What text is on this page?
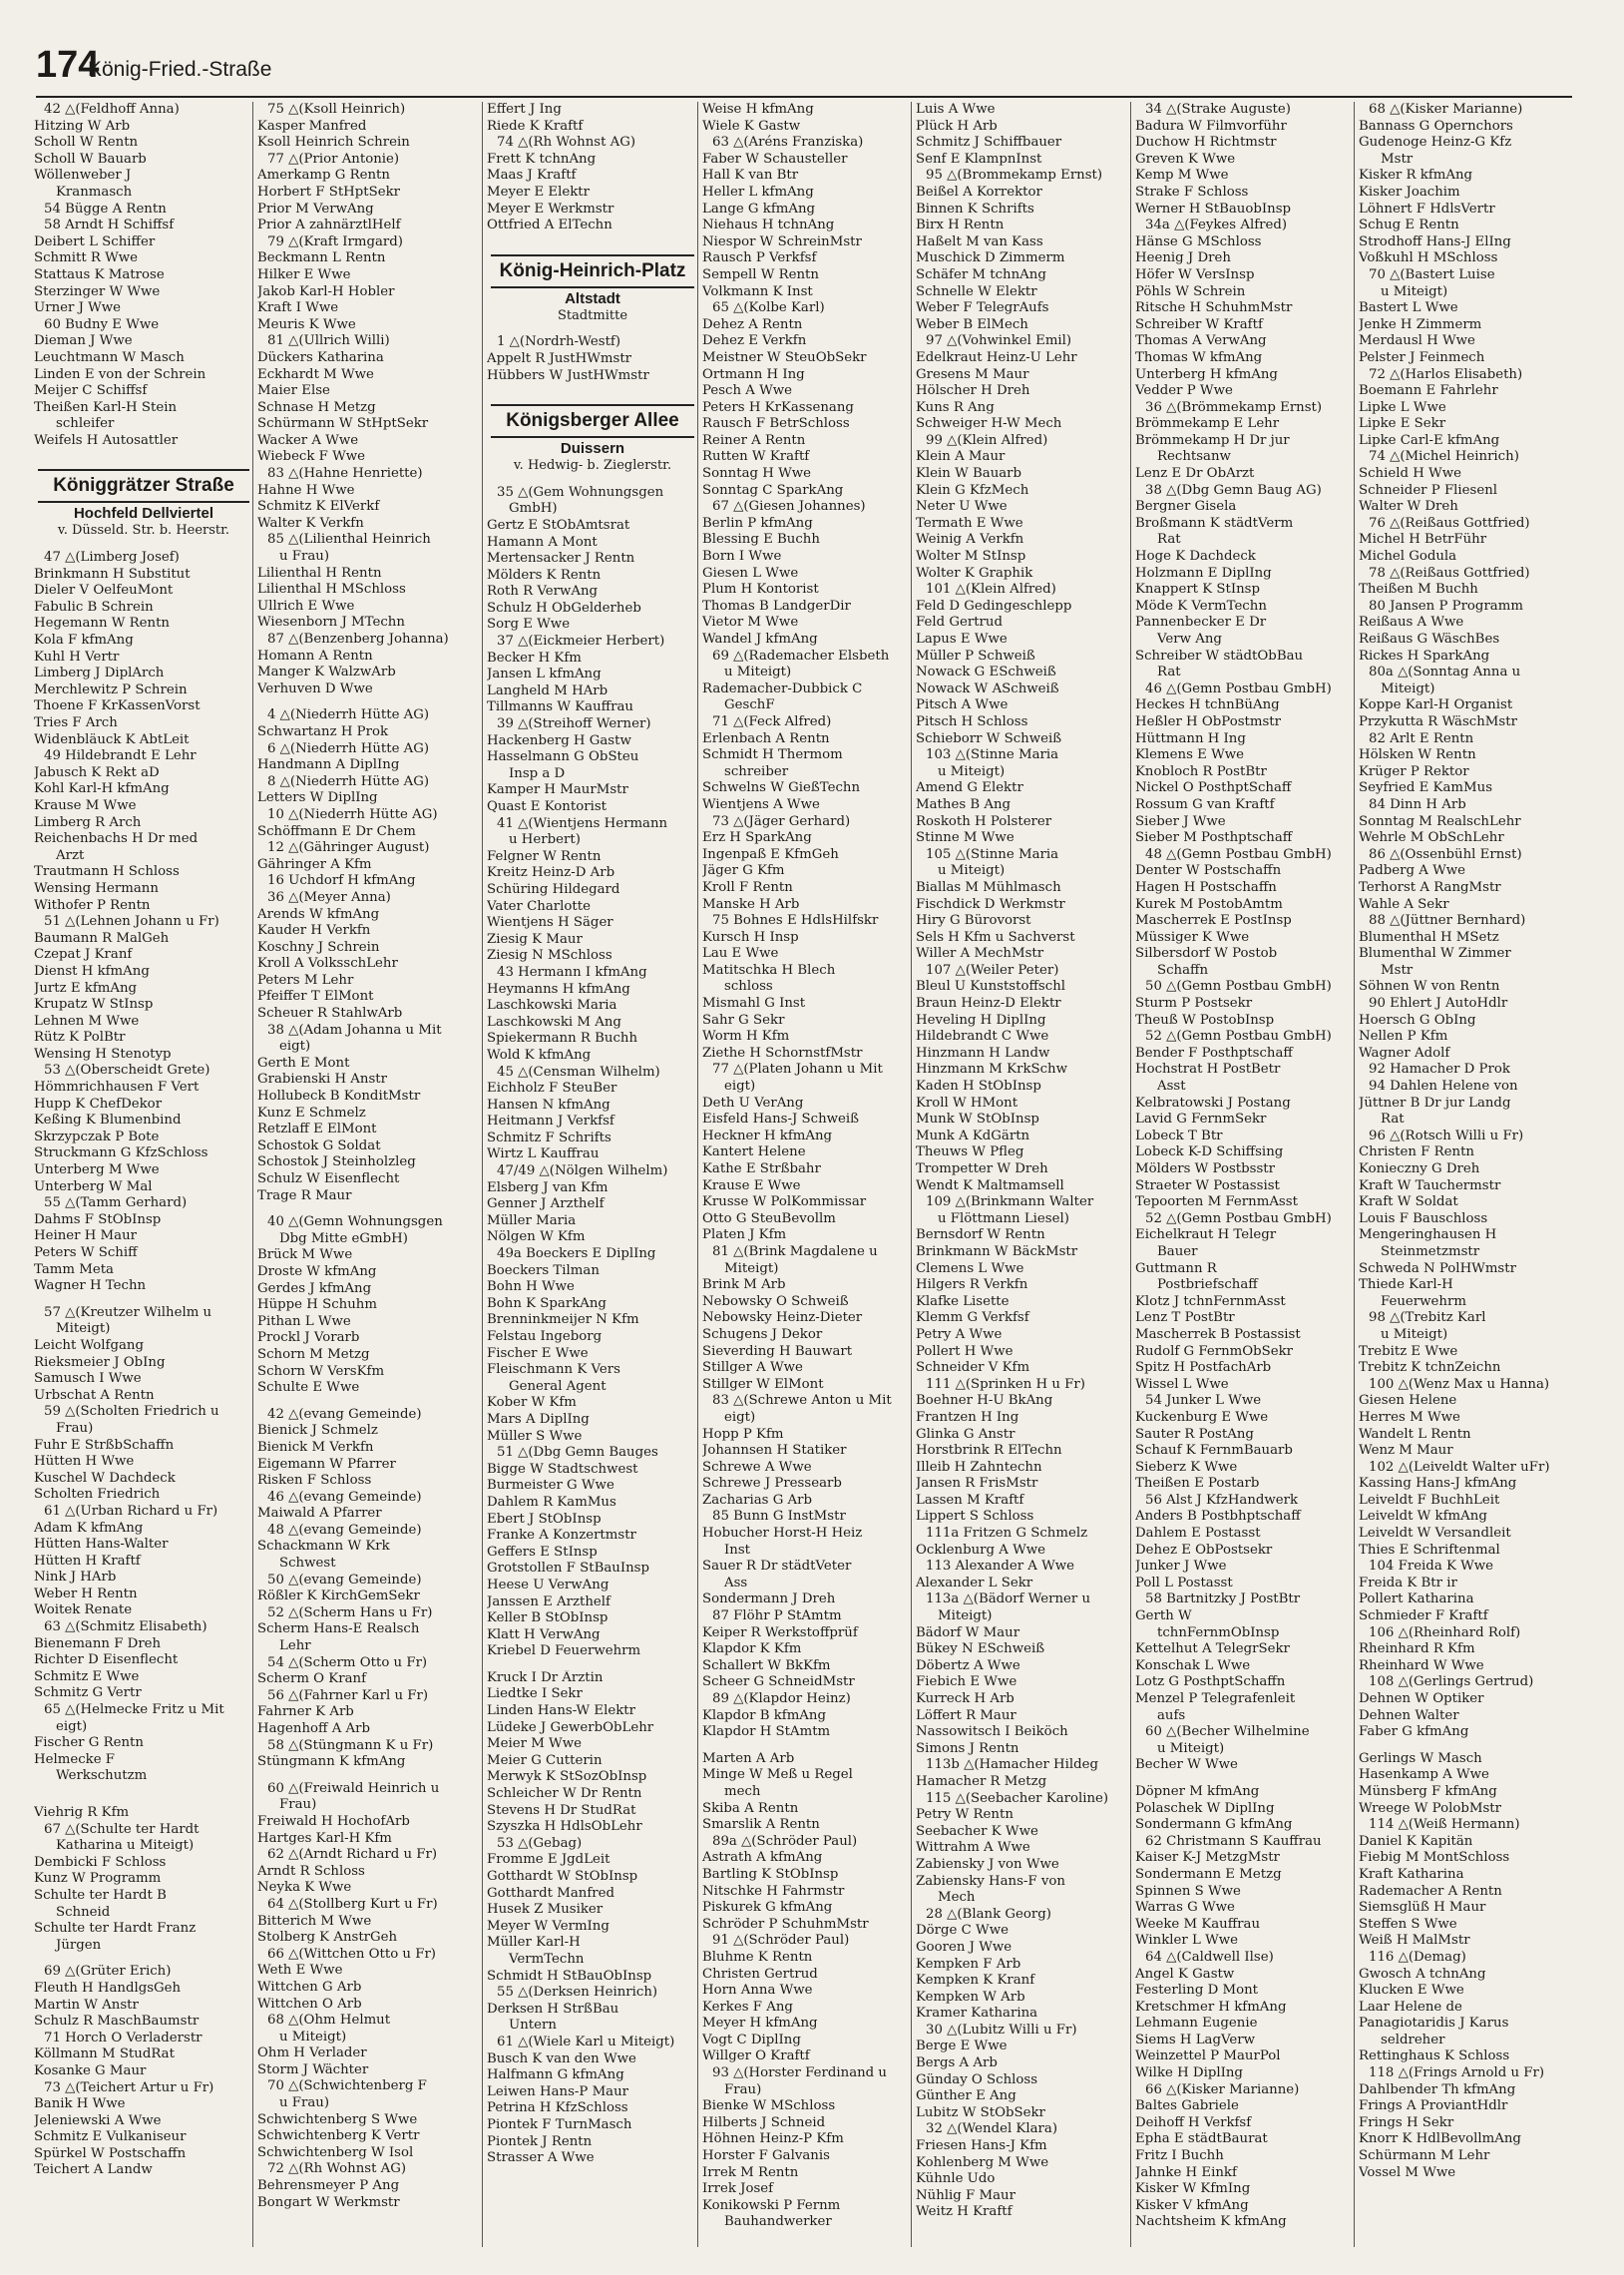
174
König-Fried.-Straße
42 △(Feldhoff Anna)
Hitzing W Arb
Scholl W Rentn
Scholl W Bauarb
Wöllenweber J
Kranmasch
54 Bügge A Rentn
58 Arndt H Schiffsf
Deibert L Schiffer
Schmitt R Wwe
Stattaus K Matrose
Sterzinger W Wwe
Urner J Wwe
60 Budny E Wwe
Dieman J Wwe
Leuchtmann W Masch
Linden E von der Schrein
Meijer C Schiffsf
Theißen Karl-H Stein
schleifer
Weifels H Autosattler
Königgrätzer Straße
Hochfeld Dellviertel
v. Düsseld. Str. b. Heerstr.
47 △(Limberg Josef)
Brinkmann H Substitut
Dieler V OelfeuMont
Fabulic B Schrein
Hegemann W Rentn
Kola F kfmAng
Kuhl H Vertr
Limberg J DiplArch
Merchlewitz P Schrein
Thoene F KrKassenVorst
Tries F Arch
Widenbläuck K AbtLeit
49 Hildebrandt E Lehr
Jabusch K Rekt aD
Kohl Karl-H kfmAng
Krause M Wwe
Limberg R Arch
Reichenbachs H Dr med
Arzt
Trautmann H Schloss
Wensing Hermann
Withofer P Rentn
51 △(Lehnen Johann u Fr)
Baumann R MalGeh
Czepat J Kranf
Dienst H kfmAng
Jurtz E kfmAng
Krupatz W StInsp
Lehnen M Wwe
Rütz K PolBtr
Wensing H Stenotyp
53 △(Oberscheidt Grete)
Hömmrichhausen F Vert
Hupp K ChefDekor
Keßing K Blumenbind
Skrzypczak P Bote
Struckmann G KfzSchloss
Unterberg M Wwe
Unterberg W Mal
55 △(Tamm Gerhard)
Dahms F StObInsp
Heiner H Maur
Peters W Schiff
Tamm Meta
Wagner H Techn
57 △(Kreutzer Wilhelm u
Miteigt)
Leicht Wolfgang
Rieksmeier J ObIng
Samusch I Wwe
Urbschat A Rentn
59 △(Scholten Friedrich u
Frau)
Fuhr E StrßbSchaffn
Hütten H Wwe
Kuschel W Dachdeck
Scholten Friedrich
61 △(Urban Richard u Fr)
Adam K kfmAng
Hütten Hans-Walter
Hütten H Kraftf
Nink J HArb
Weber H Rentn
Woitek Renate
63 △(Schmitz Elisabeth)
Bienemann F Dreh
Richter D Eisenflecht
Schmitz E Wwe
Schmitz G Vertr
65 △(Helmecke Fritz u Mit
eigt)
Fischer G Rentn
Helmecke F
Werkschutzm
Viehrig R Kfm
67 △(Schulte ter Hardt
Katharina u Miteigt)
Dembicki F Schloss
Kunz W Programm
Schulte ter Hardt B
Schneid
Schulte ter Hardt Franz
Jürgen
69 △(Grüter Erich)
Fleuth H HandlgsGeh
Martin W Anstr
Schulz R MaschBaumstr
71 Horch O Verladerstr
Köllmann M StudRat
Kosanke G Maur
73 △(Teichert Artur u Fr)
Banik H Wwe
Jeleniewski A Wwe
Schmitz E Vulkaniseur
Spürkel W Postschaffn
Teichert A Landw
75 △(Ksoll Heinrich)
Kasper Manfred
Ksoll Heinrich Schrein
77 △(Prior Antonie)
Amerkamp G Rentn
Horbert F StHptSekr
Prior M VerwAng
Prior A zahnärztlHelf
79 △(Kraft Irmgard)
Beckmann L Rentn
Hilker E Wwe
Jakob Karl-H Hobler
Kraft I Wwe
Meuris K Wwe
81 △(Ullrich Willi)
Dückers Katharina
Eckhardt M Wwe
Maier Else
Schnase H Metzg
Schürmann W StHptSekr
Wacker A Wwe
Wiebeck F Wwe
83 △(Hahne Henriette)
Hahne H Wwe
Schmitz K ElVerkf
Walter K Verkfn
85 △(Lilienthal Heinrich
u Frau)
Lilienthal H Rentn
Lilienthal H MSchloss
Ullrich E Wwe
Wiesenborn J MTechn
87 △(Benzenberg Johanna)
Homann A Rentn
Manger K WalzwArb
Verhuven D Wwe
4 △(Niederrh Hütte AG)
Schwartanz H Prok
6 △(Niederrh Hütte AG)
Handmann A DiplIng
8 △(Niederrh Hütte AG)
Letters W DiplIng
10 △(Niederrh Hütte AG)
Schöffmann E Dr Chem
12 △(Gähringer August)
Gähringer A Kfm
16 Uchdorf H kfmAng
36 △(Meyer Anna)
Arends W kfmAng
Kauder H Verkfn
Koschny J Schrein
Kroll A VolksschLehr
Peters M Lehr
Pfeiffer T ElMont
Scheuer R StahlwArb
38 △(Adam Johanna u Mit
eigt)
Gerth E Mont
Grabienski H Anstr
Hollubeck B KonditMstr
Kunz E Schmelz
Retzlaff E ElMont
Schostok G Soldat
Schostok J Steinholzleg
Schulz W Eisenflecht
Trage R Maur
40 △(Gemn Wohnungsgen
Dbg Mitte eGmbH)
Brück M Wwe
Droste W kfmAng
Gerdes J kfmAng
Hüppe H Schuhm
Pithan L Wwe
Prockl J Vorarb
Schorn M Metzg
Schorn W VersKfm
Schulte E Wwe
42 △(evang Gemeinde)
Bienick J Schmelz
Bienick M Verkfn
Eigemann W Pfarrer
Risken F Schloss
46 △(evang Gemeinde)
Maiwald A Pfarrer
48 △(evang Gemeinde)
Schackmann W Krk
Schwest
50 △(evang Gemeinde)
Rößler K KirchGemSekr
52 △(Scherm Hans u Fr)
Scherm Hans-E Realsch
Lehr
54 △(Scherm Otto u Fr)
Scherm O Kranf
56 △(Fahrner Karl u Fr)
Fahrner K Arb
Hagenhoff A Arb
58 △(Stüngmann K u Fr)
Stüngmann K kfmAng
60 △(Freiwald Heinrich u
Frau)
Freiwald H HochofArb
Hartges Karl-H Kfm
62 △(Arndt Richard u Fr)
Arndt R Schloss
Neyka K Wwe
64 △(Stollberg Kurt u Fr)
Bitterich M Wwe
Stolberg K AnstrGeh
66 △(Wittchen Otto u Fr)
Weth E Wwe
Wittchen G Arb
Wittchen O Arb
68 △(Ohm Helmut
u Miteigt)
Ohm H Verlader
Storm J Wächter
70 △(Schwichtenberg F
u Frau)
Schwichtenberg S Wwe
Schwichtenberg K Vertr
Schwichtenberg W Isol
72 △(Rh Wohnst AG)
Behrensmeyer P Ang
Bongart W Werkmstr
Effert J Ing
Riede K Kraftf
74 △(Rh Wohnst AG)
Frett K tchnAng
Maas J Kraftf
Meyer E Elektr
Meyer E Werkmstr
Ottfried A ElTechn
König-Heinrich-Platz
Altstadt
Stadtmitte
1 △(Nordrh-Westf)
Appelt R JustHWmstr
Hübbers W JustHWmstr
Königsberger Allee
Duissern
v. Hedwig- b. Zieglerstr.
35 △(Gem Wohnungsgen
GmbH)
Gertz E StObAmtsrat
Hamann A Mont
Mertensacker J Rentn
Mölders K Rentn
Roth R VerwAng
Schulz H ObGelderheb
Sorg E Wwe
37 △(Eickmeier Herbert)
Becker H Kfm
Jansen L kfmAng
Langheld M HArb
Tillmanns W Kauffrau
39 △(Streihoff Werner)
Hackenberg H Gastw
Hasselmann G ObSteu
Insp a D
Kamper H MaurMstr
Quast E Kontorist
41 △(Wientjens Hermann
u Herbert)
Felgner W Rentn
Kreitz Heinz-D Arb
Schüring Hildegard
Vater Charlotte
Wientjens H Säger
Ziesig K Maur
Ziesig N MSchloss
43 Hermann I kfmAng
Heymanns H kfmAng
Laschkowski Maria
Laschkowski M Ang
Spiekermann R Buchh
Wold K kfmAng
45 △(Censman Wilhelm)
Eichholz F SteuBer
Hansen N kfmAng
Heitmann J Verkfsf
Schmitz F Schrifts
Wirtz L Kauffrau
47/49 △(Nölgen Wilhelm)
Elsberg J van Kfm
Genner J Arzthelf
Müller Maria
Nölgen W Kfm
49a Boeckers E DiplIng
Boeckers Tilman
Bohn H Wwe
Bohn K SparkAng
Brenninkmeijer N Kfm
Felstau Ingeborg
Fischer E Wwe
Fleischmann K Vers
General Agent
Kober W Kfm
Mars A DiplIng
Müller S Wwe
51 △(Dbg Gemn Bauges
Bigge W Stadtschwest
Burmeister G Wwe
Dahlem R KamMus
Ebert J StObInsp
Franke A Konzertmstr
Geffers E StInsp
Grotstollen F StBauInsp
Heese U VerwAng
Janssen E Arzthelf
Keller B StObInsp
Klatt H VerwAng
Kriebel D Feuerwehrm
Kruck I Dr Ärztin
Liedtke I Sekr
Linden Hans-W Elektr
Lüdeke J GewerbObLehr
Meier M Wwe
Meier G Cutterin
Merwyk K StSozObInsp
Schleicher W Dr Rentn
Stevens H Dr StudRat
Szyszka H HdlsObLehr
53 △(Gebag)
Fromme E JgdLeit
Gotthardt W StObInsp
Gotthardt Manfred
Husek Z Musiker
Meyer W VermIng
Müller Karl-H
VermTechn
Schmidt H StBauObInsp
55 △(Derksen Heinrich)
Derksen H StrßBau
Untern
61 △(Wiele Karl u Miteigt)
Busch K van den Wwe
Halfmann G kfmAng
Leiwen Hans-P Maur
Petrina H KfzSchloss
Piontek F TurnMasch
Piontek J Rentn
Strasser A Wwe
Weise H kfmAng
Wiele K Gastw
63 △(Aréns Franziska)
Faber W Schausteller
Hall K van Btr
Heller L kfmAng
Lange G kfmAng
Niehaus H tchnAng
Niespor W SchreinMstr
Rausch P Verkfsf
Sempell W Rentn
Volkmann K Inst
65 △(Kolbe Karl)
Dehez A Rentn
Dehez E Verkfn
Meistner W SteuObSekr
Ortmann H Ing
Pesch A Wwe
Peters H KrKassenang
Rausch F BetrSchloss
Reiner A Rentn
Rutten W Kraftf
Sonntag H Wwe
Sonntag C SparkAng
67 △(Giesen Johannes)
Berlin P kfmAng
Blessing E Buchh
Born I Wwe
Giesen L Wwe
Plum H Kontorist
Thomas B LandgerDir
Vietor M Wwe
Wandel J kfmAng
69 △(Rademacher Elsbeth
u Miteigt)
Rademacher-Dubbick C
GeschF
71 △(Feck Alfred)
Erlenbach A Rentn
Schmidt H Thermom
schreiber
Schwelns W GießTechn
Wientjens A Wwe
73 △(Jäger Gerhard)
Erz H SparkAng
Ingenpaß E KfmGeh
Jäger G Kfm
Kroll F Rentn
Manske H Arb
75 Bohnes E HdlsHilfskr
Kursch H Insp
Lau E Wwe
Matitschka H Blech
schloss
Mismahl G Inst
Sahr G Sekr
Worm H Kfm
Ziethe H SchornstfMstr
77 △(Platen Johann u Mit
eigt)
Deth U VerAng
Eisfeld Hans-J Schweiß
Heckner H kfmAng
Kantert Helene
Kathe E Strßbahr
Krause E Wwe
Krusse W PolKommissar
Otto G SteuBevollm
Platen J Kfm
81 △(Brink Magdalene u
Miteigt)
Brink M Arb
Nebowsky O Schweiß
Nebowsky Heinz-Dieter
Schugens J Dekor
Sieverding H Bauwart
Stillger A Wwe
Stillger W ElMont
83 △(Schrewe Anton u Mit
eigt)
Hopp P Kfm
Johannsen H Statiker
Schrewe A Wwe
Schrewe J Pressearb
Zacharias G Arb
85 Bunn G InstMstr
Hobucher Horst-H Heiz
Inst
Sauer R Dr städtVeter
Ass
Sondermann J Dreh
87 Flöhr P StAmtm
Keiper R Werkstoffprüf
Klapdor K Kfm
Schallert W BkKfm
Scheer G SchneidMstr
89 △(Klapdor Heinz)
Klapdor B kfmAng
Klapdor H StAmtm
Marten A Arb
Minge W Meß u Regel
mech
Skiba A Rentn
Smarslik A Rentn
89a △(Schröder Paul)
Astrath A kfmAng
Bartling K StObInsp
Nitschke H Fahrmstr
Piskurek G kfmAng
Schröder P SchuhmMstr
91 △(Schröder Paul)
Bluhme K Rentn
Christen Gertrud
Horn Anna Wwe
Kerkes F Ang
Meyer H kfmAng
Vogt C DiplIng
Willger O Kraftf
93 △(Horster Ferdinand u
Frau)
Bienke W MSchloss
Hilberts J Schneid
Höhnen Heinz-P Kfm
Horster F Galvanis
Irrek M Rentn
Irrek Josef
Konikowski P Fernm
Bauhandwerker
Luis A Wwe
Plück H Arb
Schmitz J Schiffbauer
Senf E KlampnInst
95 △(Brommekamp Ernst)
Beißel A Korrektor
Binnen K Schrifts
Birx H Rentn
Haßelt M van Kass
Muschick D Zimmerm
Schäfer M tchnAng
Schnelle W Elektr
Weber F TelegrAufs
Weber B ElMech
97 △(Vohwinkel Emil)
Edelkraut Heinz-U Lehr
Gresens M Maur
Hölscher H Dreh
Kuns R Ang
Schweiger H-W Mech
99 △(Klein Alfred)
Klein A Maur
Klein W Bauarb
Klein G KfzMech
Neter U Wwe
Termath E Wwe
Weinig A Verkfn
Wolter M StInsp
Wolter K Graphik
101 △(Klein Alfred)
Feld D Gedingeschlepp
Feld Gertrud
Lapus E Wwe
Müller P Schweiß
Nowack G ESchweiß
Nowack W ASchweiß
Pitsch A Wwe
Pitsch H Schloss
Schieborr W Schweiß
103 △(Stinne Maria
u Miteigt)
Amend G Elektr
Mathes B Ang
Roskoth H Polsterer
Stinne M Wwe
105 △(Stinne Maria
u Miteigt)
Biallas M Mühlmasch
Fischdick D Werkmstr
Hiry G Bürovorst
Sels H Kfm u Sachverst
Willer A MechMstr
107 △(Weiler Peter)
Bleul U Kunststoffschl
Braun Heinz-D Elektr
Heveling H DiplIng
Hildebrandt C Wwe
Hinzmann H Landw
Hinzmann M KrkSchw
Kaden H StObInsp
Kroll W HMont
Munk W StObInsp
Munk A KdGärtn
Theuws W Pfleg
Trompetter W Dreh
Wendt K Maltmamsell
109 △(Brinkmann Walter
u Flöttmann Liesel)
Bernsdorf W Rentn
Brinkmann W BäckMstr
Clemens L Wwe
Hilgers R Verkfn
Klafke Lisette
Klemm G Verkfsf
Petry A Wwe
Pollert H Wwe
Schneider V Kfm
111 △(Sprinken H u Fr)
Boehner H-U BkAng
Frantzen H Ing
Glinka G Anstr
Horstbrink R ElTechn
Illeib H Zahntechn
Jansen R FrisMstr
Lassen M Kraftf
Lippert S Schloss
111a Fritzen G Schmelz
Ocklenburg A Wwe
113 Alexander A Wwe
Alexander L Sekr
113a △(Bädorf Werner u
Miteigt)
Bädorf W Maur
Bükey N ESchweiß
Döbertz A Wwe
Fiebich E Wwe
Kurreck H Arb
Löffert R Maur
Nassowitsch I Beiköch
Simons J Rentn
113b △(Hamacher Hildeg
Hamacher R Metzg
115 △(Seebacher Karoline)
Petry W Rentn
Seebacher K Wwe
Wittrahm A Wwe
Zabiensky J von Wwe
Zabiensky Hans-F von
Mech
28 △(Blank Georg)
Dörge C Wwe
Gooren J Wwe
Kempken F Arb
Kempken K Kranf
Kempken W Arb
Kramer Katharina
30 △(Lubitz Willi u Fr)
Berge E Wwe
Bergs A Arb
Günday O Schloss
Günther E Ang
Lubitz W StObSekr
32 △(Wendel Klara)
Friesen Hans-J Kfm
Kohlenberg M Wwe
Kühnle Udo
Nühlig F Maur
Weitz H Kraftf
34 △(Strake Auguste)
Badura W Filmvorführ
Duchow H Richtmstr
Greven K Wwe
Kemp M Wwe
Strake F Schloss
Werner H StBauobInsp
34a △(Feykes Alfred)
Hänse G MSchloss
Heenig J Dreh
Höfer W VersInsp
Pöhls W Schrein
Ritsche H SchuhmMstr
Schreiber W Kraftf
Thomas A VerwAng
Thomas W kfmAng
Unterberg H kfmAng
Vedder P Wwe
36 △(Brömmekamp Ernst)
Brömmekamp E Lehr
Brömmekamp H Dr jur
Rechtsanw
Lenz E Dr ObArzt
38 △(Dbg Gemn Baug AG)
Bergner Gisela
Broßmann K städtVerm
Rat
Hoge K Dachdeck
Holzmann E DiplIng
Knappert K StInsp
Möde K VermTechn
Pannenbecker E Dr
Verw Ang
Schreiber W städtObBau
Rat
46 △(Gemn Postbau GmbH)
Heckes H tchnBüAng
Heßler H ObPostmstr
Hüttmann H Ing
Klemens E Wwe
Knobloch R PostBtr
Nickel O PosthptSchaff
Rossum G van Kraftf
Sieber J Wwe
Sieber M Posthptschaff
48 △(Gemn Postbau GmbH)
Denter W Postschaffn
Hagen H Postschaffn
Kurek M PostobAmtm
Mascherrek E PostInsp
Müssiger K Wwe
Silbersdorf W Postob
Schaffn
50 △(Gemn Postbau GmbH)
Sturm P Postsekr
Theuß W PostobInsp
52 △(Gemn Postbau GmbH)
Bender F Posthptschaff
Hochstrat H PostBetr
Asst
Kelbratowski J Postang
Lavid G FernmSekr
Lobeck T Btr
Lobeck K-D Schiffsing
Mölders W Postbsstr
Straeter W Postassist
Tepoorten M FernmAsst
52 △(Gemn Postbau GmbH)
Eichelkraut H Telegr
Bauer
Guttmann R
Postbriefschaff
Klotz J tchnFernmAsst
Lenz T PostBtr
Mascherrek B Postassist
Rudolf G FernmObSekr
Spitz H PostfachArb
Wissel L Wwe
54 Junker L Wwe
Kuckenburg E Wwe
Sauter R PostAng
Schauf K FernmBauarb
Sieberz K Wwe
Theißen E Postarb
56 Alst J KfzHandwerk
Anders B Postbhptschaff
Dahlem E Postasst
Dehez E ObPostsekr
Junker J Wwe
Poll L Postasst
58 Bartnitzky J PostBtr
Gerth W
tchnFernmObInsp
Kettelhut A TelegrSekr
Konschak L Wwe
Lotz G PosthptSchaffn
Menzel P Telegrafenleit
aufs
60 △(Becher Wilhelmine
u Miteigt)
Becher W Wwe
Döpner M kfmAng
Polaschek W DiplIng
Sondermann G kfmAng
62 Christmann S Kauffrau
Kaiser K-J MetzgMstr
Sondermann E Metzg
Spinnen S Wwe
Warras G Wwe
Weeke M Kauffrau
Winkler L Wwe
64 △(Caldwell Ilse)
Angel K Gastw
Festerling D Mont
Kretschmer H kfmAng
Lehmann Eugenie
Siems H LagVerw
Weinzettel P MaurPol
Wilke H DiplIng
66 △(Kisker Marianne)
Baltes Gabriele
Deihoff H Verkfsf
Epha E städtBaurat
Fritz I Buchh
Jahnke H Einkf
Kisker W KfmIng
Kisker V kfmAng
Nachtsheim K kfmAng
68 △(Kisker Marianne)
Bannass G Opernchors
Gudenoge Heinz-G Kfz
Mstr
Kisker R kfmAng
Kisker Joachim
Löhnert F HdlsVertr
Schug E Rentn
Strodhoff Hans-J ElIng
Voßkuhl H MSchloss
70 △(Bastert Luise
u Miteigt)
Bastert L Wwe
Jenke H Zimmerm
Merdausl H Wwe
Pelster J Feinmech
72 △(Harlos Elisabeth)
Boemann E Fahrlehr
Lipke L Wwe
Lipke E Sekr
Lipke Carl-E kfmAng
74 △(Michel Heinrich)
Schield H Wwe
Schneider P Fliesenl
Walter W Dreh
76 △(Reißaus Gottfried)
Michel H BetrFühr
Michel Godula
78 △(Reißaus Gottfried)
Theißen M Buchh
80 Jansen P Programm
Reißaus A Wwe
Reißaus G WäschBes
Rickes H SparkAng
80a △(Sonntag Anna u
Miteigt)
Koppe Karl-H Organist
Przykutta R WäschMstr
82 Arlt E Rentn
Hölsken W Rentn
Krüger P Rektor
Seyfried E KamMus
84 Dinn H Arb
Sonntag M RealschLehr
Wehrle M ObSchLehr
86 △(Ossenbühl Ernst)
Padberg A Wwe
Terhorst A RangMstr
Wahle A Sekr
88 △(Jüttner Bernhard)
Blumenthal H MSetz
Blumenthal W Zimmer
Mstr
Söhnen W von Rentn
90 Ehlert J AutoHdlr
Hoersch G ObIng
Nellen P Kfm
Wagner Adolf
92 Hamacher D Prok
94 Dahlen Helene von
Jüttner B Dr jur Landg
Rat
96 △(Rotsch Willi u Fr)
Christen F Rentn
Konieczny G Dreh
Kraft W Tauchermstr
Kraft W Soldat
Louis F Bauschloss
Mengeringhausen H
Steinmetzmstr
Schweda N PolHWmstr
Thiede Karl-H
Feuerwehrm
98 △(Trebitz Karl
u Miteigt)
Trebitz E Wwe
Trebitz K tchnZeichn
100 △(Wenz Max u Hanna)
Giesen Helene
Herres M Wwe
Wandelt L Rentn
Wenz M Maur
102 △(Leiveldt Walter uFr)
Kassing Hans-J kfmAng
Leiveldt F BuchhLeit
Leiveldt W kfmAng
Leiveldt W Versandleit
Thies E Schriftenmal
104 Freida K Wwe
Freida K Btr ir
Pollert Katharina
Schmieder F Kraftf
106 △(Rheinhard Rolf)
Rheinhard R Kfm
Rheinhard W Wwe
108 △(Gerlings Gertrud)
Dehnen W Optiker
Dehnen Walter
Faber G kfmAng
Gerlings W Masch
Hasenkamp A Wwe
Münsberg F kfmAng
Wreege W PolobMstr
114 △(Weiß Hermann)
Daniel K Kapitän
Fiebig M MontSchloss
Kraft Katharina
Rademacher A Rentn
Siemsglüß H Maur
Steffen S Wwe
Weiß H MalMstr
116 △(Demag)
Gwosch A tchnAng
Klucken E Wwe
Laar Helene de
Panagiotaridis J Karus
seldreher
Rettinghaus K Schloss
118 △(Frings Arnold u Fr)
Dahlbender Th kfmAng
Frings A ProviantHdlr
Frings H Sekr
Knorr K HdlBevollmAng
Schürmann M Lehr
Vossel M Wwe
